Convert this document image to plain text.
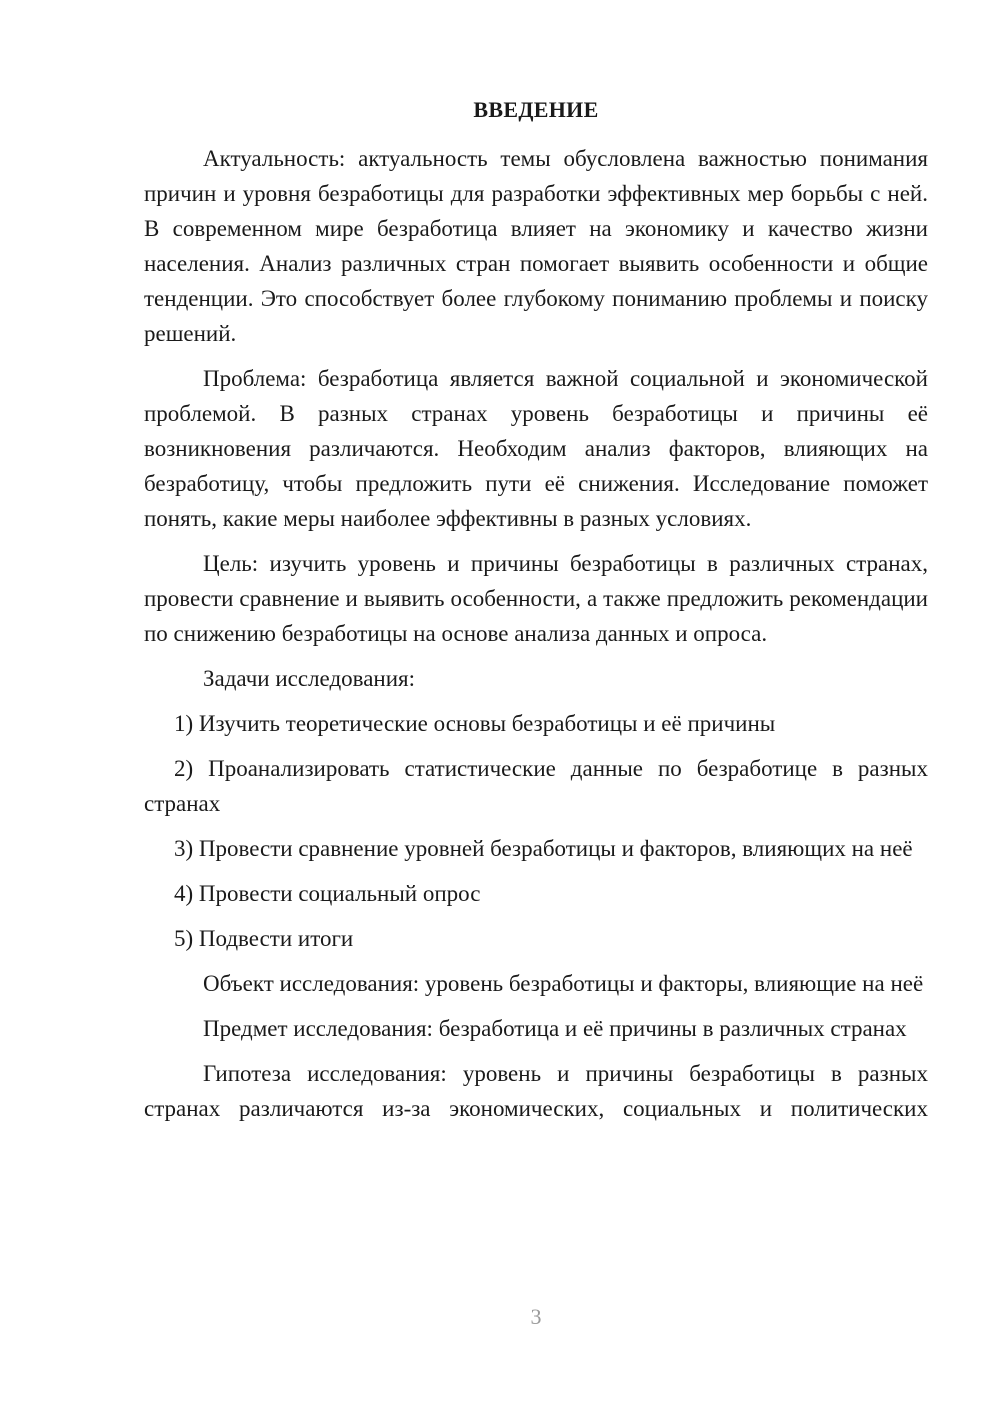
ВВЕДЕНИЕ

Актуальность: актуальность темы обусловлена важностью понимания причин и уровня безработицы для разработки эффективных мер борьбы с ней. В современном мире безработица влияет на экономику и качество жизни населения. Анализ различных стран помогает выявить особенности и общие тенденции. Это способствует более глубокому пониманию проблемы и поиску решений.

Проблема: безработица является важной социальной и экономической проблемой. В разных странах уровень безработицы и причины её возникновения различаются. Необходим анализ факторов, влияющих на безработицу, чтобы предложить пути её снижения. Исследование поможет понять, какие меры наиболее эффективны в разных условиях.

Цель: изучить уровень и причины безработицы в различных странах, провести сравнение и выявить особенности, а также предложить рекомендации по снижению безработицы на основе анализа данных и опроса.

Задачи исследования:

1) Изучить теоретические основы безработицы и её причины

2) Проанализировать статистические данные по безработице в разных странах

3) Провести сравнение уровней безработицы и факторов, влияющих на неё

4) Провести социальный опрос

5) Подвести итоги

Объект исследования: уровень безработицы и факторы, влияющие на неё

Предмет исследования: безработица и её причины в различных странах

Гипотеза исследования: уровень и причины безработицы в разных странах различаются из-за экономических, социальных и политических

3
